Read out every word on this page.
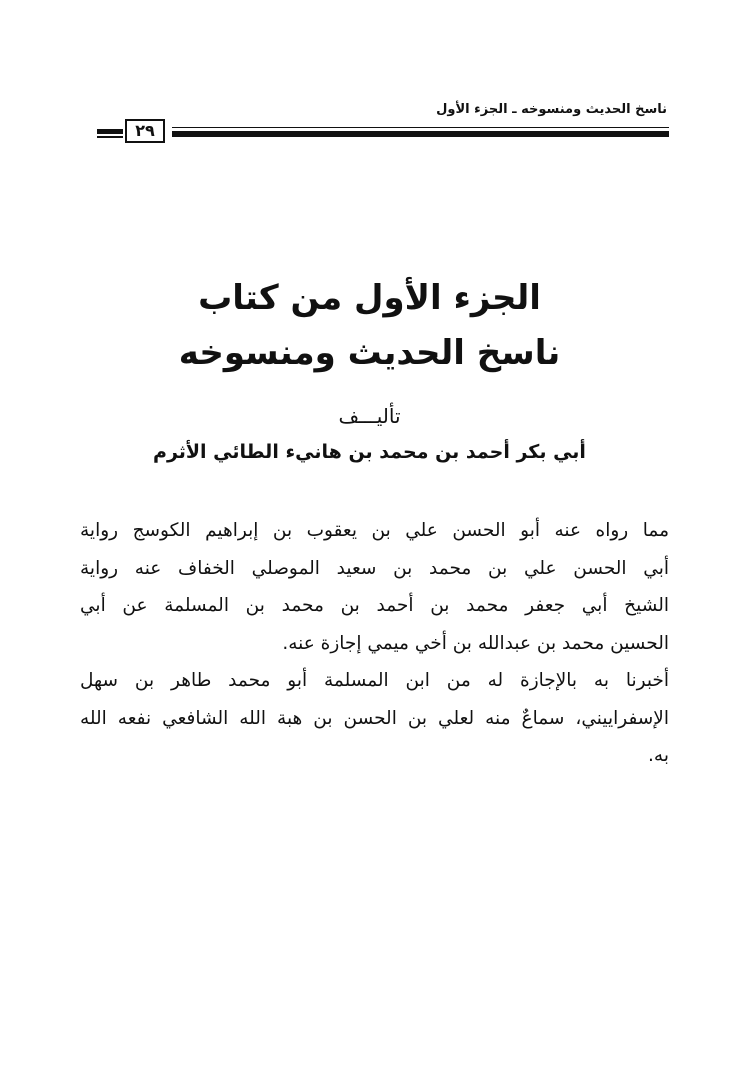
ناسخ الحديث ومنسوخه ـ الجزء الأول
٢٩
الجزء الأول من كتاب
ناسخ الحديث ومنسوخه
تأليـــف
أبي بكر أحمد بن محمد بن هانيء الطائي الأثرم
مما رواه عنه أبو الحسن علي بن يعقوب بن إبراهيم الكوسج رواية
أبي الحسن علي بن محمد بن سعيد الموصلي الخفاف عنه رواية
الشيخ أبي جعفر محمد بن أحمد بن محمد بن المسلمة عن أبي
الحسين محمد بن عبدالله بن أخي ميمي إجازة عنه.
أخبرنا به بالإجازة له من ابن المسلمة أبو محمد طاهر بن سهل
الإسفراييني، سماعٌ منه لعلي بن الحسن بن هبة الله الشافعي نفعه الله
به.
